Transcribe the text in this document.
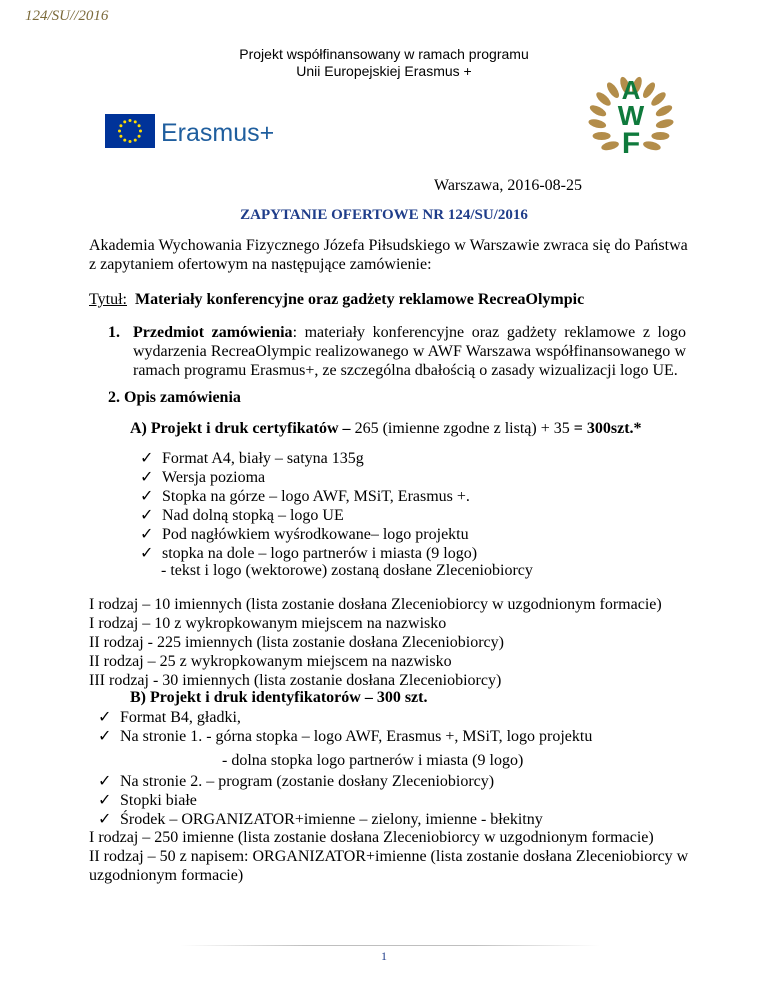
124/SU//2016
Projekt współfinansowany w ramach programu
Unii Europejskiej Erasmus +
Erasmus+
A
W
F
Warszawa, 2016-08-25
ZAPYTANIE OFERTOWE NR 124/SU/2016
Akademia Wychowania Fizycznego Józefa Piłsudskiego w Warszawie zwraca się do Państwa z zapytaniem ofertowym na następujące zamówienie:
Tytuł: Materiały konferencyjne oraz gadżety reklamowe RecreaOlympic
1. Przedmiot zamówienia: materiały konferencyjne oraz gadżety reklamowe z logo wydarzenia RecreaOlympic realizowanego w AWF Warszawa współfinansowanego w ramach programu Erasmus+, ze szczególna dbałością o zasady wizualizacji logo UE.
2. Opis zamówienia
A) Projekt i druk certyfikatów – 265 (imienne zgodne z listą) + 35 = 300szt.*
✓ Format A4, biały – satyna 135g
✓ Wersja pozioma
✓ Stopka na górze – logo AWF, MSiT, Erasmus +.
✓ Nad dolną stopką – logo UE
✓ Pod nagłówkiem wyśrodkowane– logo projektu
✓ stopka na dole – logo partnerów i miasta (9 logo)
- tekst i logo (wektorowe) zostaną dosłane Zleceniobiorcy
I rodzaj – 10 imiennych (lista zostanie dosłana Zleceniobiorcy w uzgodnionym formacie)
I rodzaj – 10 z wykropkowanym miejscem na nazwisko
II rodzaj - 225 imiennych (lista zostanie dosłana Zleceniobiorcy)
II rodzaj – 25 z wykropkowanym miejscem na nazwisko
III rodzaj - 30 imiennych (lista zostanie dosłana Zleceniobiorcy)
B) Projekt i druk identyfikatorów – 300 szt.
✓ Format B4, gładki,
✓ Na stronie 1. - górna stopka – logo AWF, Erasmus +, MSiT, logo projektu
- dolna stopka logo partnerów i miasta (9 logo)
✓ Na stronie 2. – program (zostanie dosłany Zleceniobiorcy)
✓ Stopki białe
✓ Środek – ORGANIZATOR+imienne – zielony, imienne - błekitny
I rodzaj – 250 imienne (lista zostanie dosłana Zleceniobiorcy w uzgodnionym formacie)
II rodzaj – 50 z napisem: ORGANIZATOR+imienne (lista zostanie dosłana Zleceniobiorcy w uzgodnionym formacie)
1
